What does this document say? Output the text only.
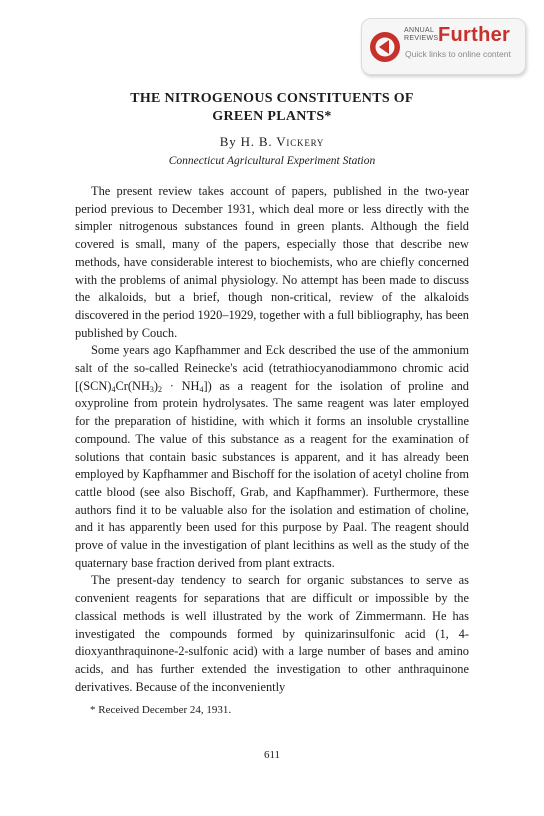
ANNUAL
REVIEWS Further
Quick links to online content
THE NITROGENOUS CONSTITUENTS OF
GREEN PLANTS*
By H. B. Vickery
Connecticut Agricultural Experiment Station

The present review takes account of papers, published in the two-year period previous to December 1931, which deal more or less directly with the simpler nitrogenous substances found in green plants. Although the field covered is small, many of the papers, especially those that describe new methods, have considerable interest to biochemists, who are chiefly concerned with the problems of animal physiology. No attempt has been made to discuss the alkaloids, but a brief, though non-critical, review of the alkaloids discovered in the period 1920–1929, together with a full bibliography, has been published by Couch.

Some years ago Kapfhammer and Eck described the use of the ammonium salt of the so-called Reinecke's acid (tetrathiocyanodiammono chromic acid $[(SCN)_4Cr(NH_3)_2 \cdot NH_4]$) as a reagent for the isolation of proline and oxyproline from protein hydrolysates. The same reagent was later employed for the preparation of histidine, with which it forms an insoluble crystalline compound. The value of this substance as a reagent for the examination of solutions that contain basic substances is apparent, and it has already been employed by Kapfhammer and Bischoff for the isolation of acetyl choline from cattle blood (see also Bischoff, Grab, and Kapfhammer). Furthermore, these authors find it to be valuable also for the isolation and estimation of choline, and it has apparently been used for this purpose by Paal. The reagent should prove of value in the investigation of plant lecithins as well as the study of the quaternary base fraction derived from plant extracts.

The present-day tendency to search for organic substances to serve as convenient reagents for separations that are difficult or impossible by the classical methods is well illustrated by the work of Zimmermann. He has investigated the compounds formed by quinizarinsulfonic acid (1, 4-dioxyanthraquinone-2-sulfonic acid) with a large number of bases and amino acids, and has further extended the investigation to other anthraquinone derivatives. Because of the inconveniently

* Received December 24, 1931.
611
